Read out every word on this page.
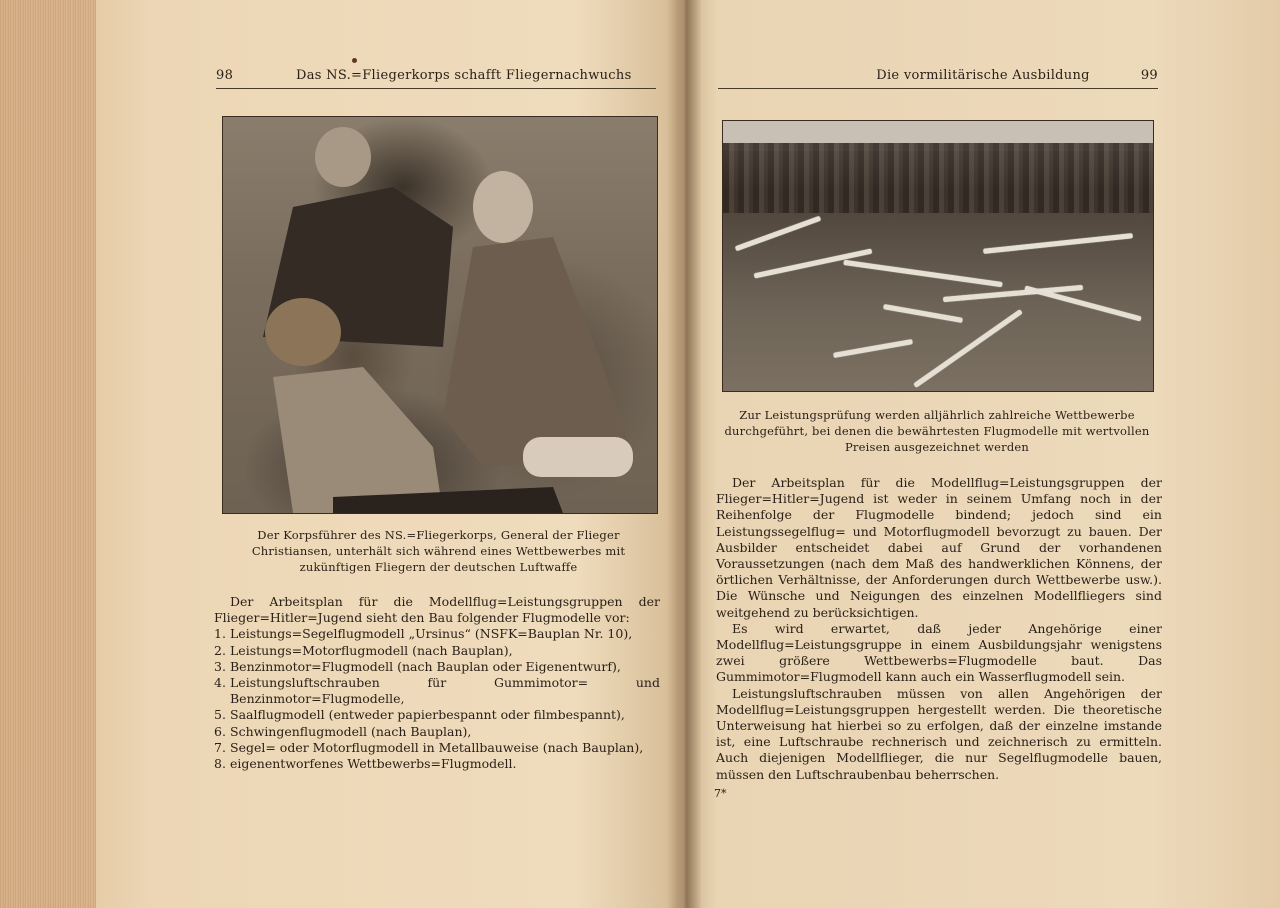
98	Das NS.=Fliegerkorps schafft Fliegernachwuchs
Der Korpsführer des NS.=Fliegerkorps, General der Flieger Christiansen, unterhält sich während eines Wettbewerbes mit zukünftigen Fliegern der deutschen Luftwaffe

Der Arbeitsplan für die Modellflug=Leistungsgruppen der Flieger=Hitler=Jugend sieht den Bau folgender Flugmodelle vor:

1. Leistungs=Segelflugmodell „Ursinus“ (NSFK=Bauplan Nr. 10),
2. Leistungs=Motorflugmodell (nach Bauplan),
3. Benzinmotor=Flugmodell (nach Bauplan oder Eigenentwurf),
4. Leistungsluftschrauben für Gummimotor= und Benzinmotor=Flugmodelle,
5. Saalflugmodell (entweder papierbespannt oder filmbespannt),
6. Schwingenflugmodell (nach Bauplan),
7. Segel= oder Motorflugmodell in Metallbauweise (nach Bauplan),
8. eigenentworfenes Wettbewerbs=Flugmodell.
Die vormilitärische Ausbildung	99
Zur Leistungsprüfung werden alljährlich zahlreiche Wettbewerbe durchgeführt, bei denen die bewährtesten Flugmodelle mit wertvollen Preisen ausgezeichnet werden

Der Arbeitsplan für die Modellflug=Leistungsgruppen der Flieger=Hitler=Jugend ist weder in seinem Umfang noch in der Reihenfolge der Flugmodelle bindend; jedoch sind ein Leistungssegelflug= und Motorflugmodell bevorzugt zu bauen. Der Ausbilder entscheidet dabei auf Grund der vorhandenen Voraussetzungen (nach dem Maß des handwerklichen Könnens, der örtlichen Verhältnisse, der Anforderungen durch Wettbewerbe usw.). Die Wünsche und Neigungen des einzelnen Modellfliegers sind weitgehend zu berücksichtigen.

Es wird erwartet, daß jeder Angehörige einer Modellflug=Leistungsgruppe in einem Ausbildungsjahr wenigstens zwei größere Wettbewerbs=Flugmodelle baut. Das Gummimotor=Flugmodell kann auch ein Wasserflugmodell sein.

Leistungsluftschrauben müssen von allen Angehörigen der Modellflug=Leistungsgruppen hergestellt werden. Die theoretische Unterweisung hat hierbei so zu erfolgen, daß der einzelne imstande ist, eine Luftschraube rechnerisch und zeichnerisch zu ermitteln. Auch diejenigen Modellflieger, die nur Segelflugmodelle bauen, müssen den Luftschraubenbau beherrschen.

7*
